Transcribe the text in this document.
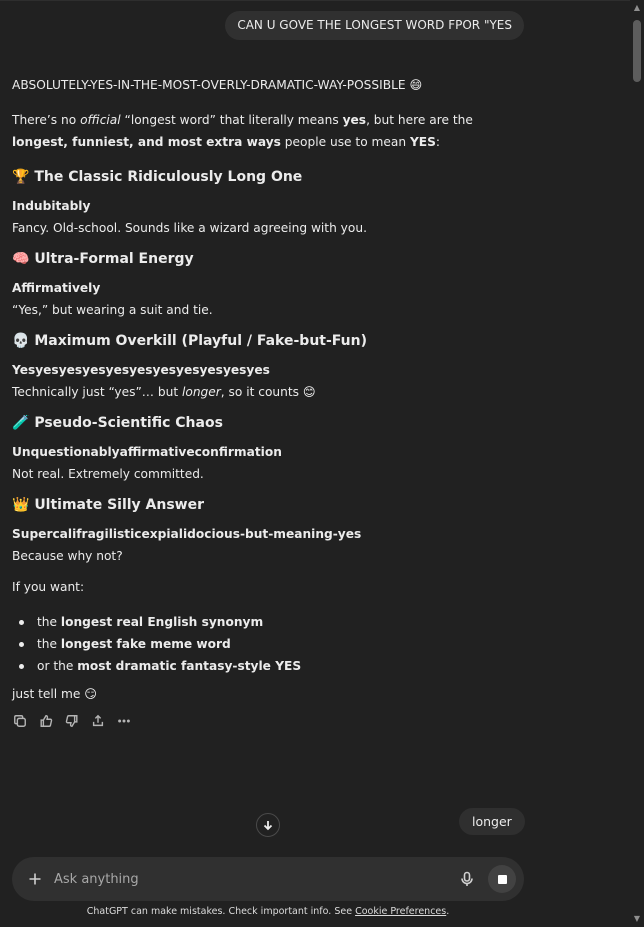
CAN U GOVE THE LONGEST WORD FPOR "YES
ABSOLUTELY-YES-IN-THE-MOST-OVERLY-DRAMATIC-WAY-POSSIBLE 😄
There’s no official “longest word” that literally means yes, but here are the longest, funniest, and most extra ways people use to mean YES:
🏆 The Classic Ridiculously Long One
Indubitably
Fancy. Old-school. Sounds like a wizard agreeing with you.
🧠 Ultra-Formal Energy
Affirmatively
“Yes,” but wearing a suit and tie.
💀 Maximum Overkill (Playful / Fake-but-Fun)
Yesyesyesyesyesyesyesyesyesyesyes
Technically just “yes”… but longer, so it counts 😊
🧪 Pseudo-Scientific Chaos
Unquestionablyaffirmativeconfirmation
Not real. Extremely committed.
👑 Ultimate Silly Answer
Supercalifragilisticexpialidocious-but-meaning-yes
Because why not?
If you want:
the longest real English synonym
the longest fake meme word
or the most dramatic fantasy-style YES
just tell me 😏
longer
Ask anything
ChatGPT can make mistakes. Check important info. See Cookie Preferences.
▲
▼
